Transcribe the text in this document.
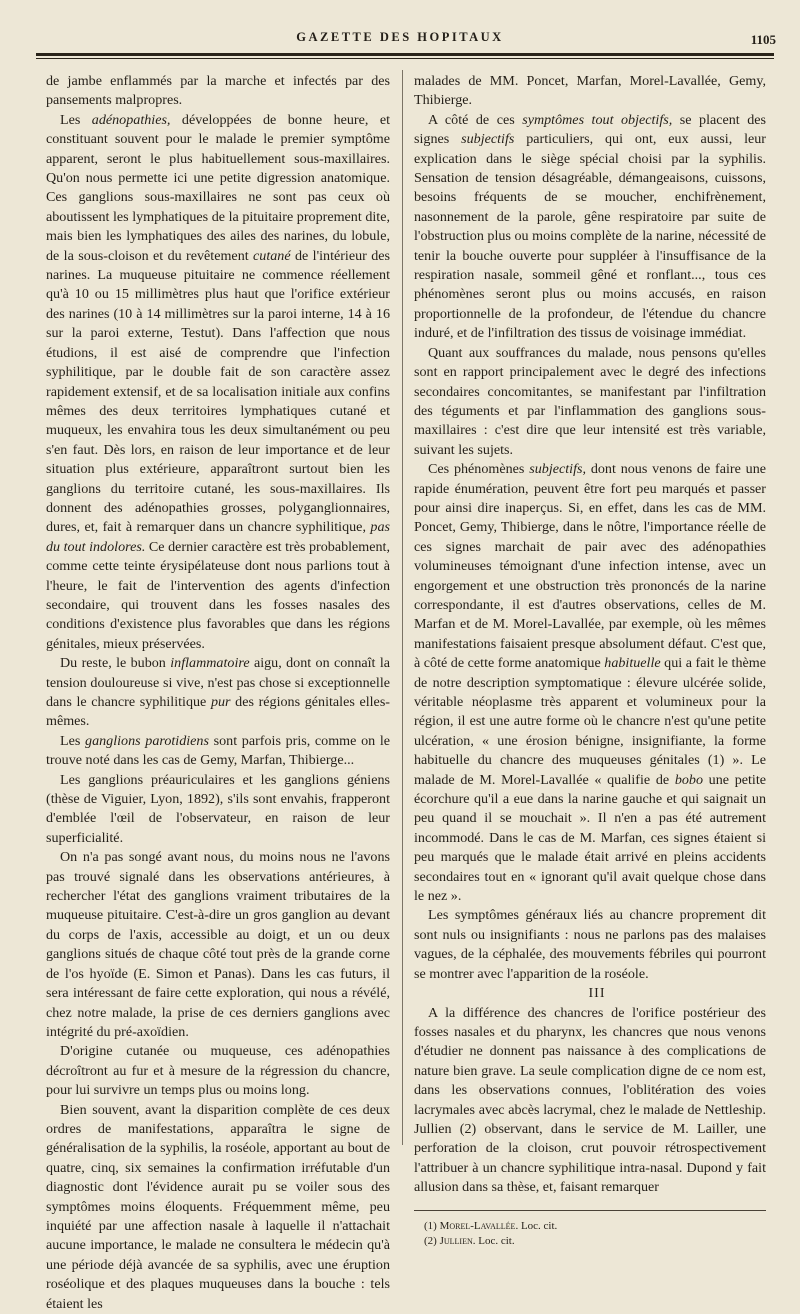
GAZETTE DES HOPITAUX	1105

de jambe enflammés par la marche et infectés par des pansements malpropres.

Les adénopathies, développées de bonne heure, et constituant souvent pour le malade le premier symptôme apparent, seront le plus habituellement sous-maxillaires. Qu'on nous permette ici une petite digression anatomique. Ces ganglions sous-maxillaires ne sont pas ceux où aboutissent les lymphatiques de la pituitaire proprement dite, mais bien les lymphatiques des ailes des narines, du lobule, de la sous-cloison et du revêtement cutané de l'intérieur des narines. La muqueuse pituitaire ne commence réellement qu'à 10 ou 15 millimètres plus haut que l'orifice extérieur des narines (10 à 14 millimètres sur la paroi interne, 14 à 16 sur la paroi externe, Testut). Dans l'affection que nous étudions, il est aisé de comprendre que l'infection syphilitique, par le double fait de son caractère assez rapidement extensif, et de sa localisation initiale aux confins mêmes des deux territoires lymphatiques cutané et muqueux, les envahira tous les deux simultanément ou peu s'en faut. Dès lors, en raison de leur importance et de leur situation plus extérieure, apparaîtront surtout bien les ganglions du territoire cutané, les sous-maxillaires. Ils donnent des adénopathies grosses, polyganglionnaires, dures, et, fait à remarquer dans un chancre syphilitique, pas du tout indolores. Ce dernier caractère est très probablement, comme cette teinte érysipélateuse dont nous parlions tout à l'heure, le fait de l'intervention des agents d'infection secondaire, qui trouvent dans les fosses nasales des conditions d'existence plus favorables que dans les régions génitales, mieux préservées.

Du reste, le bubon inflammatoire aigu, dont on connaît la tension douloureuse si vive, n'est pas chose si exceptionnelle dans le chancre syphilitique pur des régions génitales elles-mêmes.

Les ganglions parotidiens sont parfois pris, comme on le trouve noté dans les cas de Gemy, Marfan, Thibierge...

Les ganglions préauriculaires et les ganglions géniens (thèse de Viguier, Lyon, 1892), s'ils sont envahis, frapperont d'emblée l'œil de l'observateur, en raison de leur superficialité.

On n'a pas songé avant nous, du moins nous ne l'avons pas trouvé signalé dans les observations antérieures, à rechercher l'état des ganglions vraiment tributaires de la muqueuse pituitaire. C'est-à-dire un gros ganglion au devant du corps de l'axis, accessible au doigt, et un ou deux ganglions situés de chaque côté tout près de la grande corne de l'os hyoïde (E. Simon et Panas). Dans les cas futurs, il sera intéressant de faire cette exploration, qui nous a révélé, chez notre malade, la prise de ces derniers ganglions avec intégrité du pré-axoïdien.

D'origine cutanée ou muqueuse, ces adénopathies décroîtront au fur et à mesure de la régression du chancre, pour lui survivre un temps plus ou moins long.

Bien souvent, avant la disparition complète de ces deux ordres de manifestations, apparaîtra le signe de généralisation de la syphilis, la roséole, apportant au bout de quatre, cinq, six semaines la confirmation irréfutable d'un diagnostic dont l'évidence aurait pu se voiler sous des symptômes moins éloquents. Fréquemment même, peu inquiété par une affection nasale à laquelle il n'attachait aucune importance, le malade ne consultera le médecin qu'à une période déjà avancée de sa syphilis, avec une éruption roséolique et des plaques muqueuses dans la bouche : tels étaient les

malades de MM. Poncet, Marfan, Morel-Lavallée, Gemy, Thibierge.

A côté de ces symptômes tout objectifs, se placent des signes subjectifs particuliers, qui ont, eux aussi, leur explication dans le siège spécial choisi par la syphilis. Sensation de tension désagréable, démangeaisons, cuissons, besoins fréquents de se moucher, enchifrènement, nasonnement de la parole, gêne respiratoire par suite de l'obstruction plus ou moins complète de la narine, nécessité de tenir la bouche ouverte pour suppléer à l'insuffisance de la respiration nasale, sommeil gêné et ronflant..., tous ces phénomènes seront plus ou moins accusés, en raison proportionnelle de la profondeur, de l'étendue du chancre induré, et de l'infiltration des tissus de voisinage immédiat.

Quant aux souffrances du malade, nous pensons qu'elles sont en rapport principalement avec le degré des infections secondaires concomitantes, se manifestant par l'infiltration des téguments et par l'inflammation des ganglions sous-maxillaires : c'est dire que leur intensité est très variable, suivant les sujets.

Ces phénomènes subjectifs, dont nous venons de faire une rapide énumération, peuvent être fort peu marqués et passer pour ainsi dire inaperçus. Si, en effet, dans les cas de MM. Poncet, Gemy, Thibierge, dans le nôtre, l'importance réelle de ces signes marchait de pair avec des adénopathies volumineuses témoignant d'une infection intense, avec un engorgement et une obstruction très prononcés de la narine correspondante, il est d'autres observations, celles de M. Marfan et de M. Morel-Lavallée, par exemple, où les mêmes manifestations faisaient presque absolument défaut. C'est que, à côté de cette forme anatomique habituelle qui a fait le thème de notre description symptomatique : élevure ulcérée solide, véritable néoplasme très apparent et volumineux pour la région, il est une autre forme où le chancre n'est qu'une petite ulcération, « une érosion bénigne, insignifiante, la forme habituelle du chancre des muqueuses génitales (1) ». Le malade de M. Morel-Lavallée « qualifie de bobo une petite écorchure qu'il a eue dans la narine gauche et qui saignait un peu quand il se mouchait ». Il n'en a pas été autrement incommodé. Dans le cas de M. Marfan, ces signes étaient si peu marqués que le malade était arrivé en pleins accidents secondaires tout en « ignorant qu'il avait quelque chose dans le nez ».

Les symptômes généraux liés au chancre proprement dit sont nuls ou insignifiants : nous ne parlons pas des malaises vagues, de la céphalée, des mouvements fébriles qui pourront se montrer avec l'apparition de la roséole.

III

A la différence des chancres de l'orifice postérieur des fosses nasales et du pharynx, les chancres que nous venons d'étudier ne donnent pas naissance à des complications de nature bien grave. La seule complication digne de ce nom est, dans les observations connues, l'oblitération des voies lacrymales avec abcès lacrymal, chez le malade de Nettleship. Jullien (2) observant, dans le service de M. Lailler, une perforation de la cloison, crut pouvoir rétrospectivement l'attribuer à un chancre syphilitique intra-nasal. Dupond y fait allusion dans sa thèse, et, faisant remarquer

(1) Morel-Lavallée. Loc. cit.

(2) Jullien. Loc. cit.
